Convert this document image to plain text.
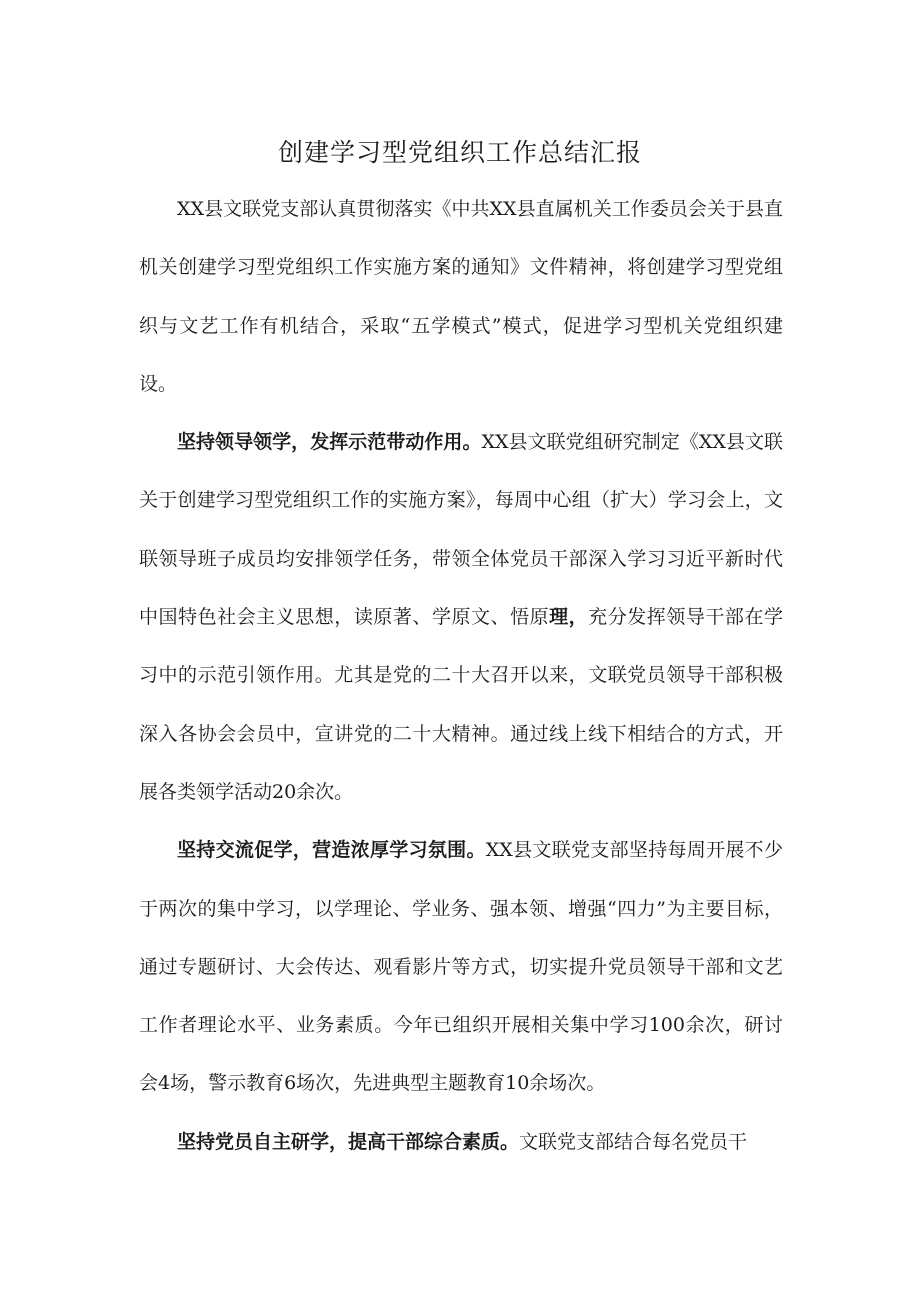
创建学习型党组织工作总结汇报

XX县文联党支部认真贯彻落实《中共XX县直属机关工作委员会关于县直机关创建学习型党组织工作实施方案的通知》文件精神，将创建学习型党组织与文艺工作有机结合，采取“五学模式”模式，促进学习型机关党组织建设。

坚持领导领学，发挥示范带动作用。XX县文联党组研究制定《XX县文联关于创建学习型党组织工作的实施方案》，每周中心组（扩大）学习会上，文联领导班子成员均安排领学任务，带领全体党员干部深入学习习近平新时代中国特色社会主义思想，读原著、学原文、悟原理，充分发挥领导干部在学习中的示范引领作用。尤其是党的二十大召开以来，文联党员领导干部积极深入各协会会员中，宣讲党的二十大精神。通过线上线下相结合的方式，开展各类领学活动20余次。

坚持交流促学，营造浓厚学习氛围。XX县文联党支部坚持每周开展不少于两次的集中学习，以学理论、学业务、强本领、增强“四力”为主要目标，通过专题研讨、大会传达、观看影片等方式，切实提升党员领导干部和文艺工作者理论水平、业务素质。今年已组织开展相关集中学习100余次，研讨会4场，警示教育6场次，先进典型主题教育10余场次。

坚持党员自主研学，提高干部综合素质。文联党支部结合每名党员干
